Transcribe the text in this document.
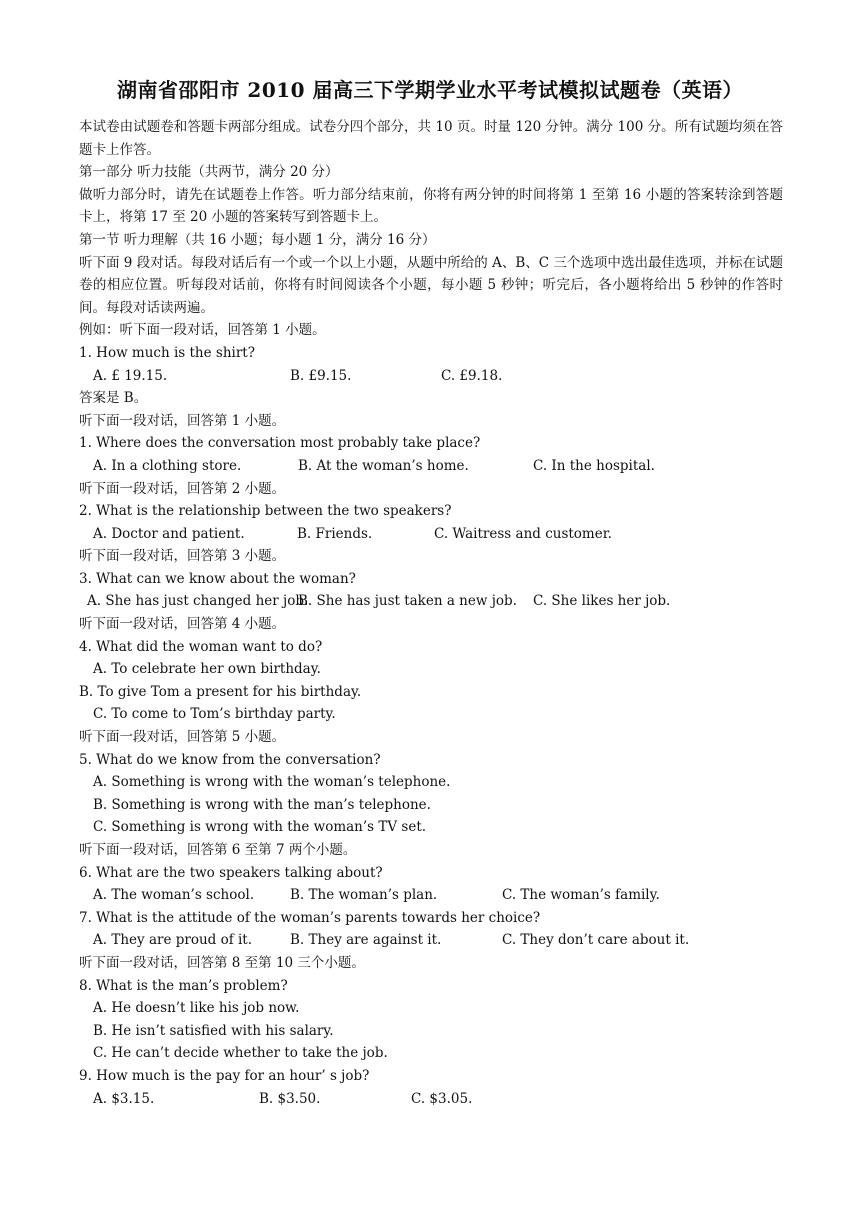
湖南省邵阳市 2010 届高三下学期学业水平考试模拟试题卷（英语）
本试卷由试题卷和答题卡两部分组成。试卷分四个部分，共 10 页。时量 120 分钟。满分 100 分。所有试题均须在答题卡上作答。
第一部分 听力技能（共两节，满分 20 分）
做听力部分时，请先在试题卷上作答。听力部分结束前，你将有两分钟的时间将第 1 至第 16 小题的答案转涂到答题卡上，将第 17 至 20 小题的答案转写到答题卡上。
第一节 听力理解（共 16 小题；每小题 1 分，满分 16 分）
听下面 9 段对话。每段对话后有一个或一个以上小题，从题中所给的 A、B、C 三个选项中选出最佳选项，并标在试题卷的相应位置。听每段对话前，你将有时间阅读各个小题，每小题 5 秒钟；听完后，各小题将给出 5 秒钟的作答时间。每段对话读两遍。
例如：听下面一段对话，回答第 1 小题。
1. How much is the shirt?
A. £ 19.15.	B. £9.15.	C. £9.18.
答案是 B。
听下面一段对话，回答第 1 小题。
1. Where does the conversation most probably take place?
A. In a clothing store.	B. At the woman’s home.	C. In the hospital.
听下面一段对话，回答第 2 小题。
2. What is the relationship between the two speakers?
A. Doctor and patient.	B. Friends.	C. Waitress and customer.
听下面一段对话，回答第 3 小题。
3. What can we know about the woman?
A. She has just changed her job.
B. She has just taken a new job. C. She likes her job.
听下面一段对话，回答第 4 小题。
4. What did the woman want to do?
A. To celebrate her own birthday.
B. To give Tom a present for his birthday.
C. To come to Tom’s birthday party.
听下面一段对话，回答第 5 小题。
5. What do we know from the conversation?
A. Something is wrong with the woman’s telephone.
B. Something is wrong with the man’s telephone.
C. Something is wrong with the woman’s TV set.
听下面一段对话，回答第 6 至第 7 两个小题。
6. What are the two speakers talking about?
A. The woman’s school.	B. The woman’s plan.	C. The woman’s family.
7. What is the attitude of the woman’s parents towards her choice?
A. They are proud of it.	B. They are against it.	C. They don’t care about it.
听下面一段对话，回答第 8 至第 10 三个小题。
8. What is the man’s problem?
A. He doesn’t like his job now.
B. He isn’t satisfied with his salary.
C. He can’t decide whether to take the job.
9. How much is the pay for an hour’ s job?
A. $3.15.	B. $3.50.	C. $3.05.
